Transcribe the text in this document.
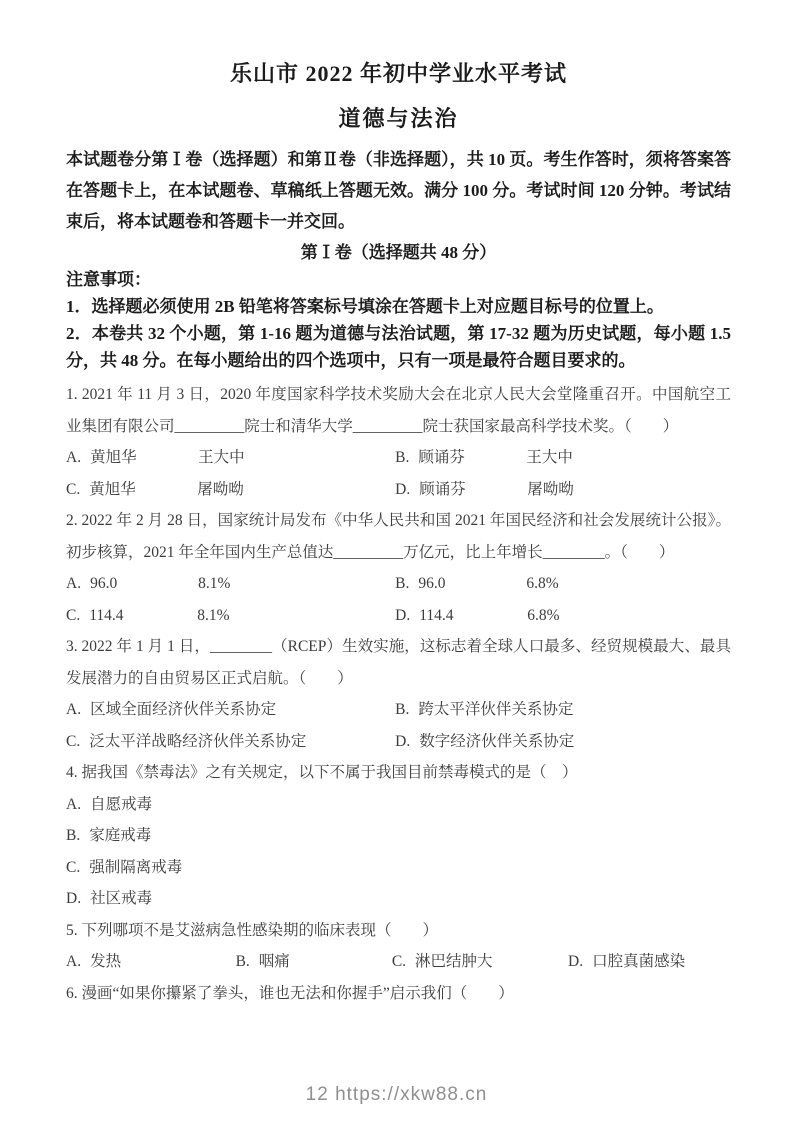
乐山市 2022 年初中学业水平考试
道德与法治

本试题卷分第Ⅰ卷（选择题）和第Ⅱ卷（非选择题），共 10 页。考生作答时，须将答案答在答题卡上，在本试题卷、草稿纸上答题无效。满分 100 分。考试时间 120 分钟。考试结束后，将本试题卷和答题卡一并交回。

第Ⅰ卷（选择题共 48 分）

注意事项：

1．选择题必须使用 2B 铅笔将答案标号填涂在答题卡上对应题目标号的位置上。

2．本卷共 32 个小题，第 1-16 题为道德与法治试题，第 17-32 题为历史试题，每小题 1.5 分，共 48 分。在每小题给出的四个选项中，只有一项是最符合题目要求的。

1. 2021 年 11 月 3 日，2020 年度国家科学技术奖励大会在北京人民大会堂隆重召开。中国航空工业集团有限公司_________院士和清华大学_________院士获国家最高科学技术奖。（　　）

A. 黄旭华	王大中	B. 顾诵芬	王大中
C. 黄旭华	屠呦呦	D. 顾诵芬	屠呦呦

2. 2022 年 2 月 28 日，国家统计局发布《中华人民共和国 2021 年国民经济和社会发展统计公报》。初步核算，2021 年全年国内生产总值达_________万亿元，比上年增长________。（　　）

A. 96.0	8.1%	B. 96.0	6.8%
C. 114.4	8.1%	D. 114.4	6.8%

3. 2022 年 1 月 1 日，________（RCEP）生效实施，这标志着全球人口最多、经贸规模最大、最具发展潜力的自由贸易区正式启航。（　　）

A. 区域全面经济伙伴关系协定	B. 跨太平洋伙伴关系协定
C. 泛太平洋战略经济伙伴关系协定	D. 数字经济伙伴关系协定

4. 据我国《禁毒法》之有关规定，以下不属于我国目前禁毒模式的是（　）

A. 自愿戒毒
B. 家庭戒毒
C. 强制隔离戒毒
D. 社区戒毒

5. 下列哪项不是艾滋病急性感染期的临床表现（　　）

A. 发热	B. 咽痛	C. 淋巴结肿大	D. 口腔真菌感染

6. 漫画“如果你攥紧了拳头，谁也无法和你握手”启示我们（　　）

12 https://xkw88.cn
